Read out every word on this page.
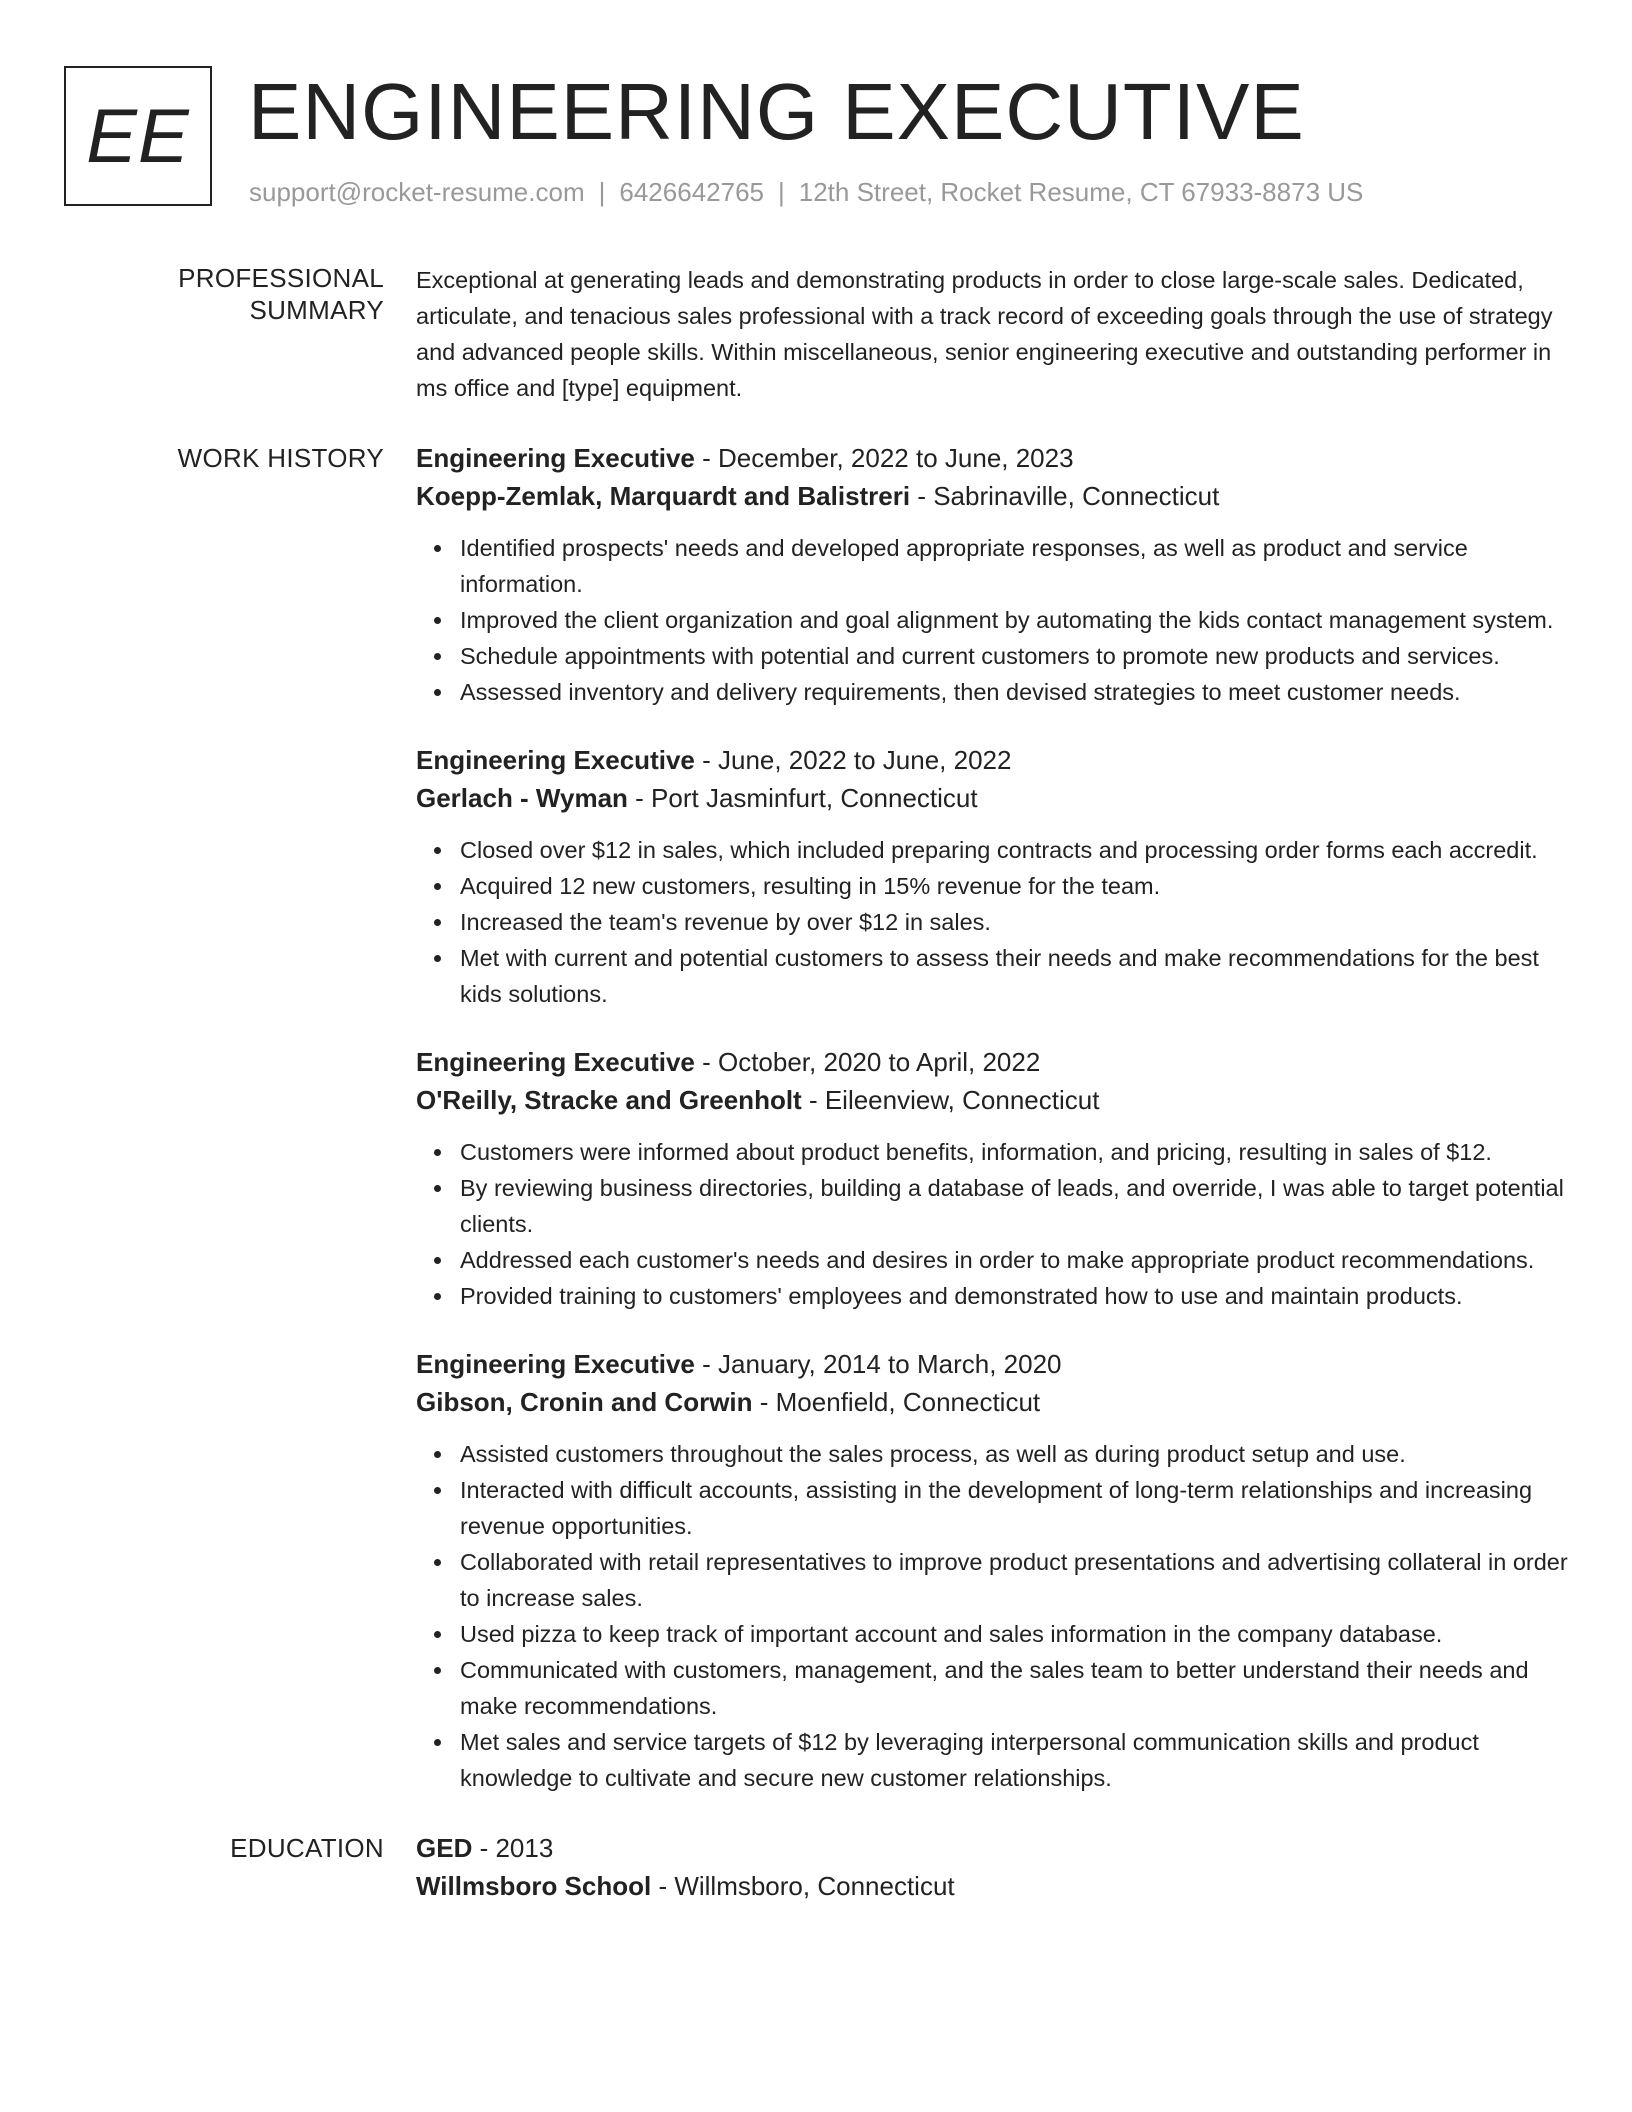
EE ENGINEERING EXECUTIVE
support@rocket-resume.com | 6426642765 | 12th Street, Rocket Resume, CT 67933-8873 US
PROFESSIONAL SUMMARY

Exceptional at generating leads and demonstrating products in order to close large-scale sales. Dedicated, articulate, and tenacious sales professional with a track record of exceeding goals through the use of strategy and advanced people skills. Within miscellaneous, senior engineering executive and outstanding performer in ms office and [type] equipment.

WORK HISTORY	Engineering Executive - December, 2022 to June, 2023
Koepp-Zemlak, Marquardt and Balistreri - Sabrinaville, Connecticut
Identified prospects' needs and developed appropriate responses, as well as product and service information.
Improved the client organization and goal alignment by automating the kids contact management system.
Schedule appointments with potential and current customers to promote new products and services.
Assessed inventory and delivery requirements, then devised strategies to meet customer needs.
Engineering Executive - June, 2022 to June, 2022
Gerlach - Wyman - Port Jasminfurt, Connecticut
Closed over $12 in sales, which included preparing contracts and processing order forms each accredit.
Acquired 12 new customers, resulting in 15% revenue for the team.
Increased the team's revenue by over $12 in sales.
Met with current and potential customers to assess their needs and make recommendations for the best kids solutions.
Engineering Executive - October, 2020 to April, 2022
O'Reilly, Stracke and Greenholt - Eileenview, Connecticut
Customers were informed about product benefits, information, and pricing, resulting in sales of $12.
By reviewing business directories, building a database of leads, and override, I was able to target potential clients.
Addressed each customer's needs and desires in order to make appropriate product recommendations.
Provided training to customers' employees and demonstrated how to use and maintain products.
Engineering Executive - January, 2014 to March, 2020
Gibson, Cronin and Corwin - Moenfield, Connecticut
Assisted customers throughout the sales process, as well as during product setup and use.
Interacted with difficult accounts, assisting in the development of long-term relationships and increasing revenue opportunities.
Collaborated with retail representatives to improve product presentations and advertising collateral in order to increase sales.
Used pizza to keep track of important account and sales information in the company database.
Communicated with customers, management, and the sales team to better understand their needs and make recommendations.
Met sales and service targets of $12 by leveraging interpersonal communication skills and product knowledge to cultivate and secure new customer relationships.
EDUCATION	GED - 2013
Willmsboro School - Willmsboro, Connecticut
